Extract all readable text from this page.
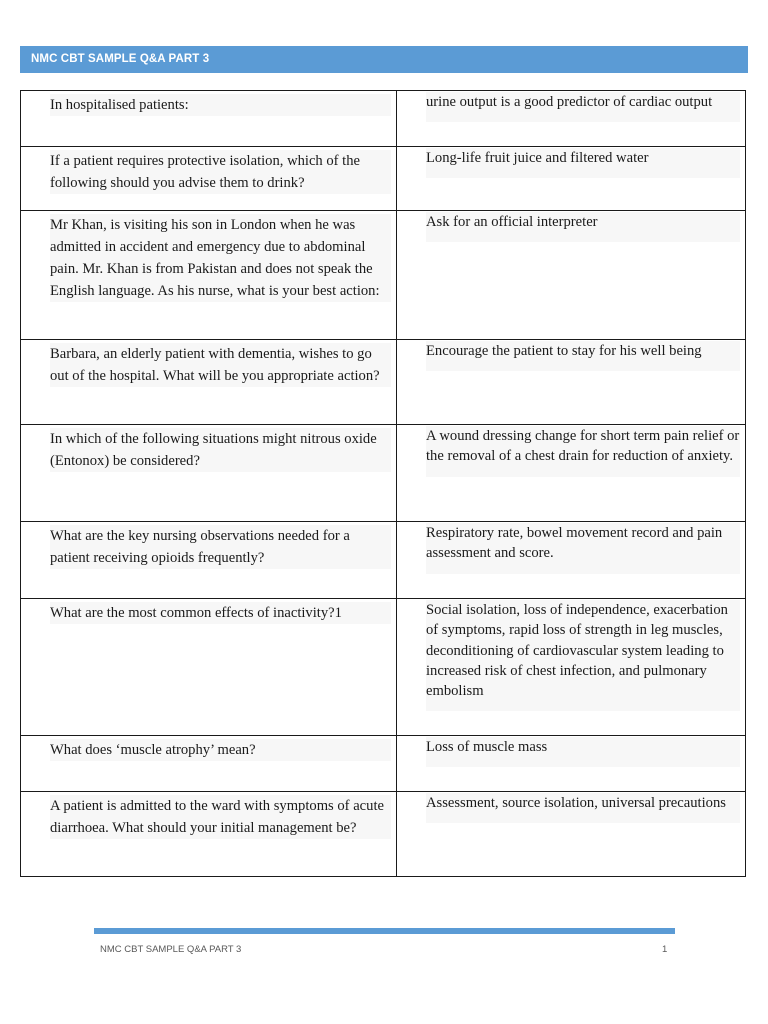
NMC CBT SAMPLE Q&A PART 3
In hospitalised patients:	urine output is a good predictor of cardiac output

If a patient requires protective isolation, which of the following should you advise them to drink?	Long-life fruit juice and filtered water

Mr Khan, is visiting his son in London when he was admitted in accident and emergency due to abdominal pain. Mr. Khan is from Pakistan and does not speak the English language. As his nurse, what is your best action:	Ask for an official interpreter

Barbara, an elderly patient with dementia, wishes to go out of the hospital. What will be you appropriate action?	Encourage the patient to stay for his well being

In which of the following situations might nitrous oxide (Entonox) be considered?	A wound dressing change for short term pain relief or the removal of a chest drain for reduction of anxiety.

What are the key nursing observations needed for a patient receiving opioids frequently?	Respiratory rate, bowel movement record and pain assessment and score.

What are the most common effects of inactivity?1	Social isolation, loss of independence, exacerbation of symptoms, rapid loss of strength in leg muscles, deconditioning of cardiovascular system leading to increased risk of chest infection, and pulmonary embolism

What does ‘muscle atrophy’ mean?	Loss of muscle mass

A patient is admitted to the ward with symptoms of acute diarrhoea. What should your initial management be?	Assessment, source isolation, universal precautions
NMC CBT SAMPLE Q&A PART 3	1
